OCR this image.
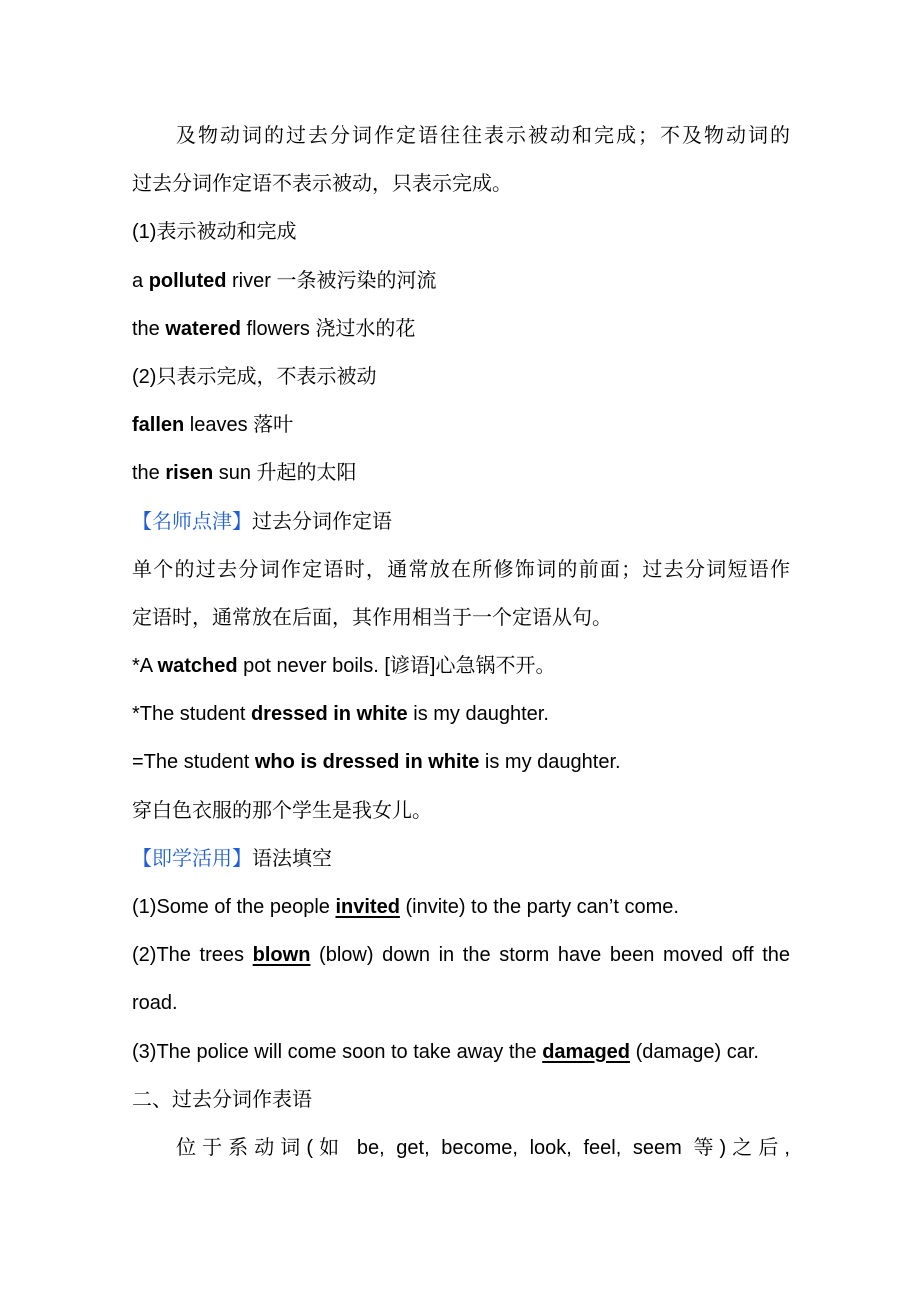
及物动词的过去分词作定语往往表示被动和完成；不及物动词的
过去分词作定语不表示被动，只表示完成。
(1)表示被动和完成
a polluted river 一条被污染的河流
the watered flowers 浇过水的花
(2)只表示完成，不表示被动
fallen leaves 落叶
the risen sun 升起的太阳
【名师点津】过去分词作定语
单个的过去分词作定语时，通常放在所修饰词的前面；过去分词短语作
定语时，通常放在后面，其作用相当于一个定语从句。
*A watched pot never boils. [谚语]心急锅不开。
*The student dressed in white is my daughter.
=The student who is dressed in white is my daughter.
穿白色衣服的那个学生是我女儿。
【即学活用】语法填空
(1)Some of the people invited (invite) to the party can’t come.
(2)The trees blown (blow) down in the storm have been moved off the
road.
(3)The police will come soon to take away the damaged (damage) car.
二、过去分词作表语
位于系动词(如 be, get, become, look, feel, seem 等)之后,
